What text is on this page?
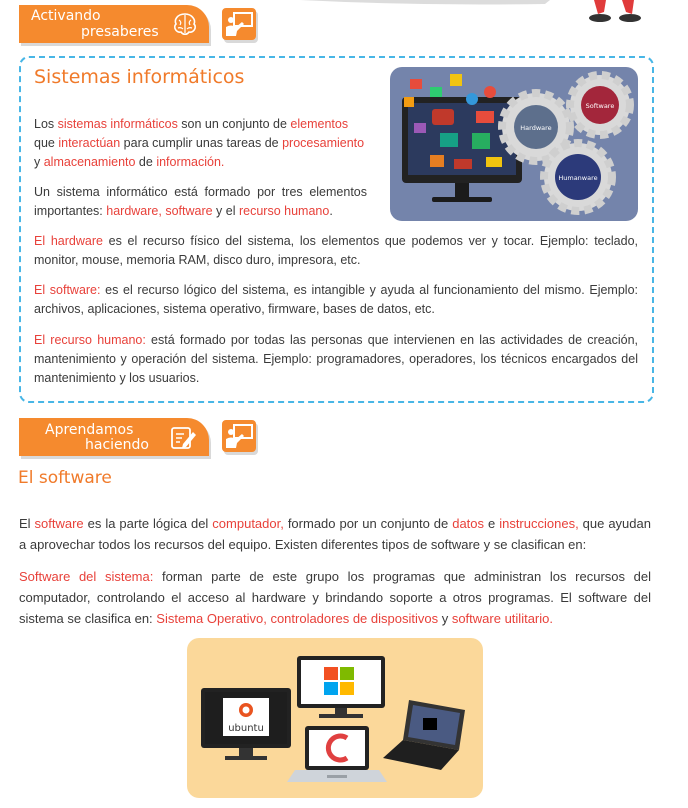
Activando
presaberes
Sistemas informáticos

Los sistemas informáticos son un conjunto de elementos que interactúan para cumplir unas tareas de procesamiento y almacenamiento de información.

Un sistema informático está formado por tres elementos importantes: hardware, software y el recurso humano.

El hardware es el recurso físico del sistema, los elementos que podemos ver y tocar. Ejemplo: teclado, monitor, mouse, memoria RAM, disco duro, impresora, etc.

El software: es el recurso lógico del sistema, es intangible y ayuda al funcionamiento del mismo. Ejemplo: archivos, aplicaciones, sistema operativo, firmware, bases de datos, etc.

El recurso humano: está formado por todas las personas que intervienen en las actividades de creación, mantenimiento y operación del sistema. Ejemplo: programadores, operadores, los técnicos encargados del mantenimiento y los usuarios.

Hardware
Software
Humanware
Aprendamos
haciendo
El software

El software es la parte lógica del computador, formado por un conjunto de datos e instrucciones, que ayudan a aprovechar todos los recursos del equipo. Existen diferentes tipos de software y se clasifican en:

Software del sistema: forman parte de este grupo los programas que administran los recursos del computador, controlando el acceso al hardware y brindando soporte a otros programas. El software del sistema se clasifica en: Sistema Operativo, controladores de dispositivos y software utilitario.

ubuntu
